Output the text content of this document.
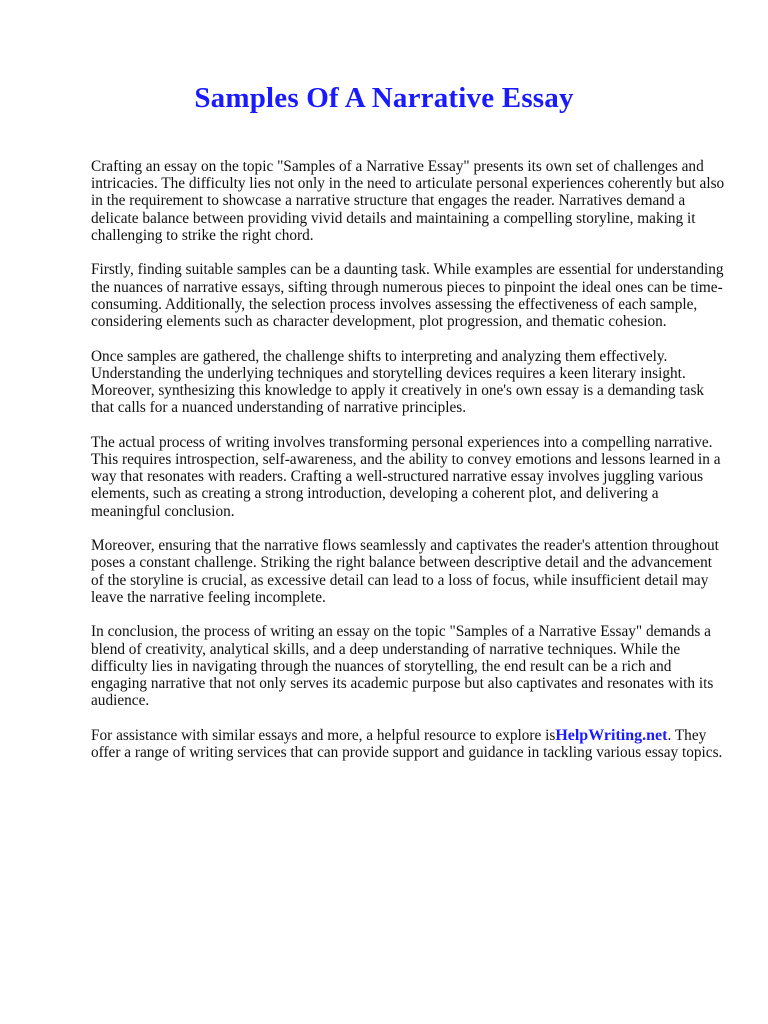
Samples Of A Narrative Essay

Crafting an essay on the topic "Samples of a Narrative Essay" presents its own set of challenges and intricacies. The difficulty lies not only in the need to articulate personal experiences coherently but also in the requirement to showcase a narrative structure that engages the reader. Narratives demand a delicate balance between providing vivid details and maintaining a compelling storyline, making it challenging to strike the right chord.

Firstly, finding suitable samples can be a daunting task. While examples are essential for understanding the nuances of narrative essays, sifting through numerous pieces to pinpoint the ideal ones can be time-consuming. Additionally, the selection process involves assessing the effectiveness of each sample, considering elements such as character development, plot progression, and thematic cohesion.

Once samples are gathered, the challenge shifts to interpreting and analyzing them effectively. Understanding the underlying techniques and storytelling devices requires a keen literary insight. Moreover, synthesizing this knowledge to apply it creatively in one's own essay is a demanding task that calls for a nuanced understanding of narrative principles.

The actual process of writing involves transforming personal experiences into a compelling narrative. This requires introspection, self-awareness, and the ability to convey emotions and lessons learned in a way that resonates with readers. Crafting a well-structured narrative essay involves juggling various elements, such as creating a strong introduction, developing a coherent plot, and delivering a meaningful conclusion.

Moreover, ensuring that the narrative flows seamlessly and captivates the reader's attention throughout poses a constant challenge. Striking the right balance between descriptive detail and the advancement of the storyline is crucial, as excessive detail can lead to a loss of focus, while insufficient detail may leave the narrative feeling incomplete.

In conclusion, the process of writing an essay on the topic "Samples of a Narrative Essay" demands a blend of creativity, analytical skills, and a deep understanding of narrative techniques. While the difficulty lies in navigating through the nuances of storytelling, the end result can be a rich and engaging narrative that not only serves its academic purpose but also captivates and resonates with its audience.

For assistance with similar essays and more, a helpful resource to explore isHelpWriting.net. They offer a range of writing services that can provide support and guidance in tackling various essay topics.
